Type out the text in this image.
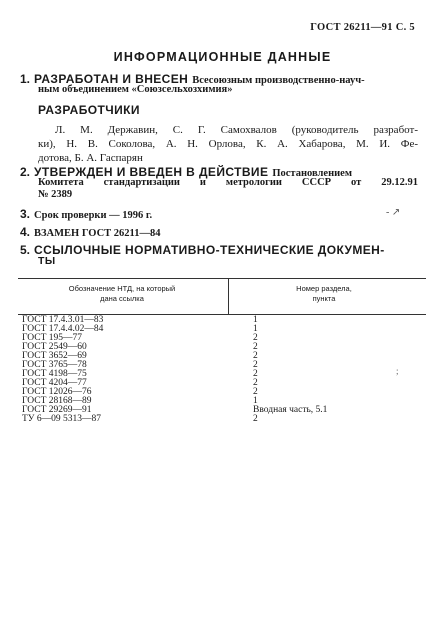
ГОСТ 26211—91 С. 5
ИНФОРМАЦИОННЫЕ ДАННЫЕ
1. РАЗРАБОТАН И ВНЕСЕН Всесоюзным производственно-науч-
ным объединением «Союзсельхозхимия»
РАЗРАБОТЧИКИ
Л. М. Державин, С. Г. Самохвалов (руководитель разработ-
ки), Н. В. Соколова, А. Н. Орлова, К. А. Хабарова, М. И. Фе-
дотова, Б. А. Гаспарян
2. УТВЕРЖДЕН И ВВЕДЕН В ДЕЙСТВИЕ Постановлением
Комитета стандартизации и метрологии СССР от 29.12.91
№ 2389
3. Срок проверки — 1996 г.	- ↗
4. ВЗАМЕН ГОСТ 26211—84
5. ССЫЛОЧНЫЕ НОРМАТИВНО-ТЕХНИЧЕСКИЕ ДОКУМЕН-
ТЫ
Обозначение НТД, на который
дана ссылка
Номер раздела,
пункта
ГОСТ 17.4.3.01—83	1
ГОСТ 17.4.4.02—84	1
ГОСТ 195—77	2
ГОСТ 2549—60	2
ГОСТ 3652—69	2
ГОСТ 3765—78	2
ГОСТ 4198—75	2
ГОСТ 4204—77	2
ГОСТ 12026—76	2
ГОСТ 28168—89	1
ГОСТ 29269—91	Вводная часть, 5.1
ТУ 6—09 5313—87	2
;
